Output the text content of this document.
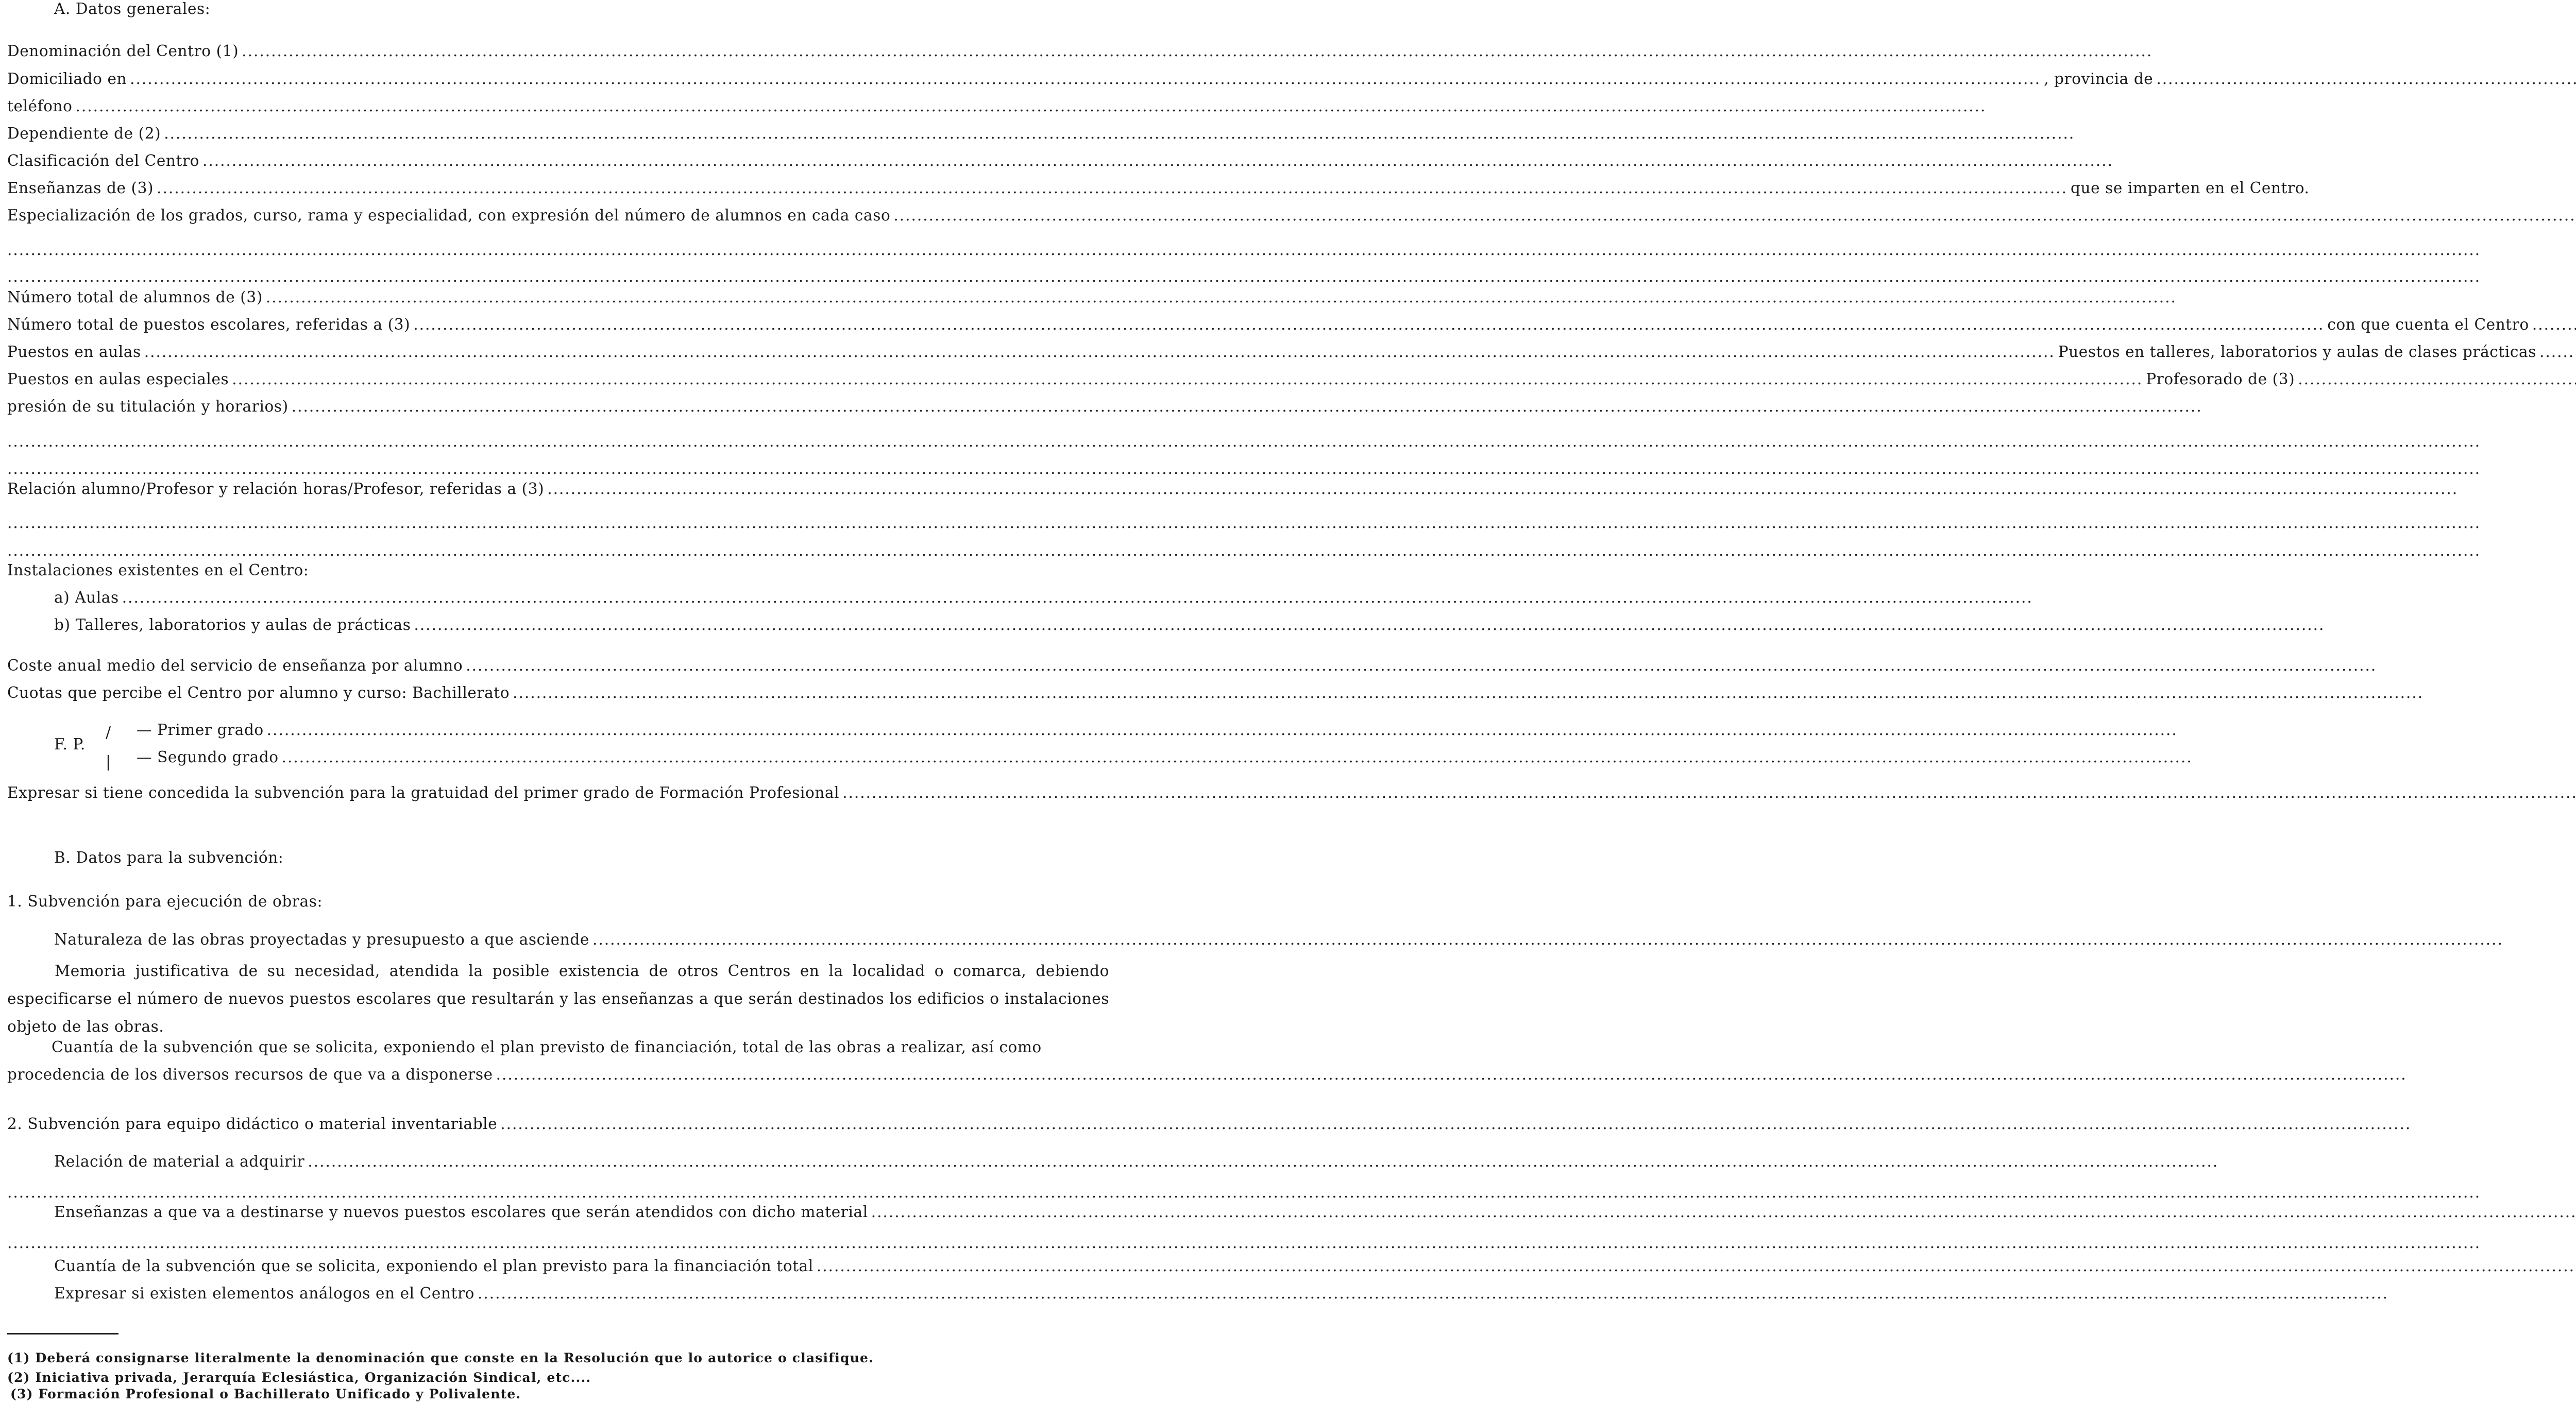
A. Datos generales:
Denominación del Centro (1)
.....
Domiciliado en .....	, provincia de
.....
teléfono
.....
Dependiente de (2)
.....
Clasificación del Centro
.....
Enseñanzas de (3) .....	que se imparten en el Centro.
Especialización de los grados, curso, rama y especialidad, con expresión del número de alumnos en cada caso
.....
.....
.....
Número total de alumnos de (3)
.....
Número total de puestos escolares, referidas a (3) .....	con que cuenta el Centro
.....
Puestos en aulas .....	Puestos en talleres, laboratorios y aulas de clases prácticas
.....
Puestos en aulas especiales .....	Profesorado de (3)
.....
presión de su titulación y horarios)
.....
.....
.....
Relación alumno/Profesor y relación horas/Profesor, referidas a (3)
.....
.....
.....
Instalaciones existentes en el Centro:
a) Aulas
.....
b) Talleres, laboratorios y aulas de prácticas
.....
Coste anual medio del servicio de enseñanza por alumno
.....
Cuotas que percibe el Centro por alumno y curso: Bachillerato
.....
F. P.
/
|
— Primer grado
.....
— Segundo grado
.....
Expresar si tiene concedida la subvención para la gratuidad del primer grado de Formación Profesional
.....
B. Datos para la subvención:
1. Subvención para ejecución de obras:
Naturaleza de las obras proyectadas y presupuesto a que asciende
.....
Memoria justificativa de su necesidad, atendida la posible existencia de otros Centros en la localidad o comarca, debiendo especificarse el número de nuevos puestos escolares que resultarán y las enseñanzas a que serán destinados los edificios o instalaciones objeto de las obras.
Cuantía de la subvención que se solicita, exponiendo el plan previsto de financiación, total de las obras a realizar, así como
procedencia de los diversos recursos de que va a disponerse
.....
2. Subvención para equipo didáctico o material inventariable
.....
Relación de material a adquirir
.....
.....
Enseñanzas a que va a destinarse y nuevos puestos escolares que serán atendidos con dicho material
.....
.....
Cuantía de la subvención que se solicita, exponiendo el plan previsto para la financiación total
.....
Expresar si existen elementos análogos en el Centro
.....
(1) Deberá consignarse literalmente la denominación que conste en la Resolución que lo autorice o clasifique.
(2) Iniciativa privada, Jerarquía Eclesiástica, Organización Sindical, etc....
(3) Formación Profesional o Bachillerato Unificado y Polivalente.
